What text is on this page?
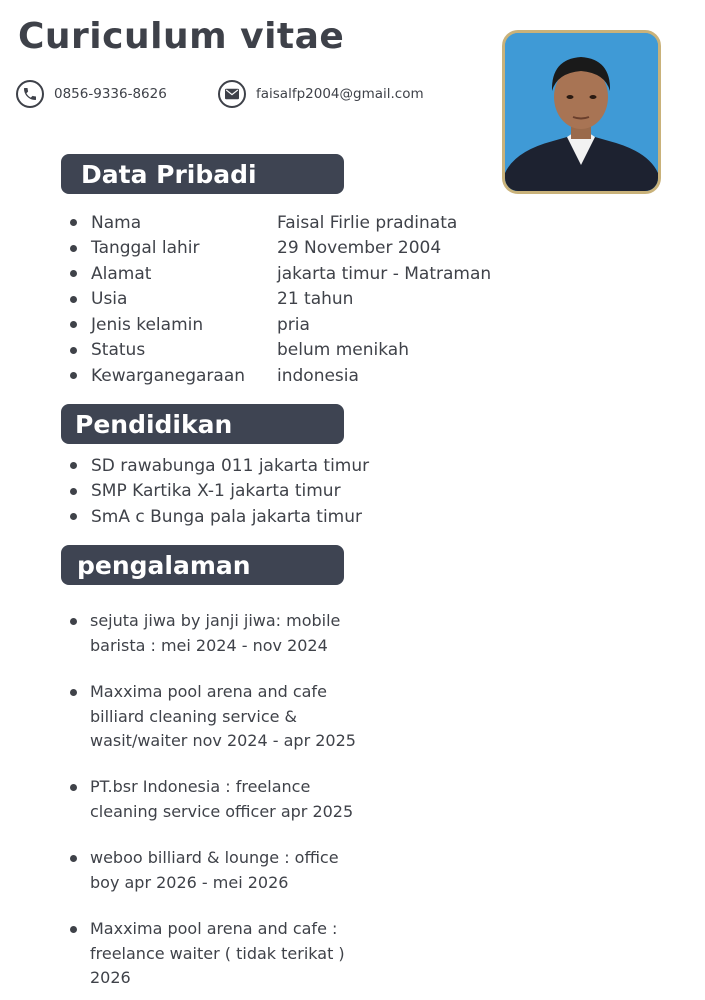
Curiculum vitae
0856-9336-8626	faisalfp2004@gmail.com
Data Pribadi
Nama	Faisal Firlie pradinata
Tanggal lahir	29 November 2004
Alamat	jakarta timur - Matraman
Usia	21 tahun
Jenis kelamin	pria
Status	belum menikah
Kewarganegaraan	indonesia
Pendidikan
SD rawabunga 011 jakarta timur
SMP Kartika X-1 jakarta timur
SmA c Bunga pala jakarta timur
pengalaman
sejuta jiwa by janji jiwa: mobile
barista : mei 2024 - nov 2024
Maxxima pool arena and cafe
billiard cleaning service &
wasit/waiter nov 2024 - apr 2025
PT.bsr Indonesia : freelance
cleaning service officer apr 2025
weboo billiard & lounge : office
boy apr 2026 - mei 2026
Maxxima pool arena and cafe :
freelance waiter ( tidak terikat )
2026
